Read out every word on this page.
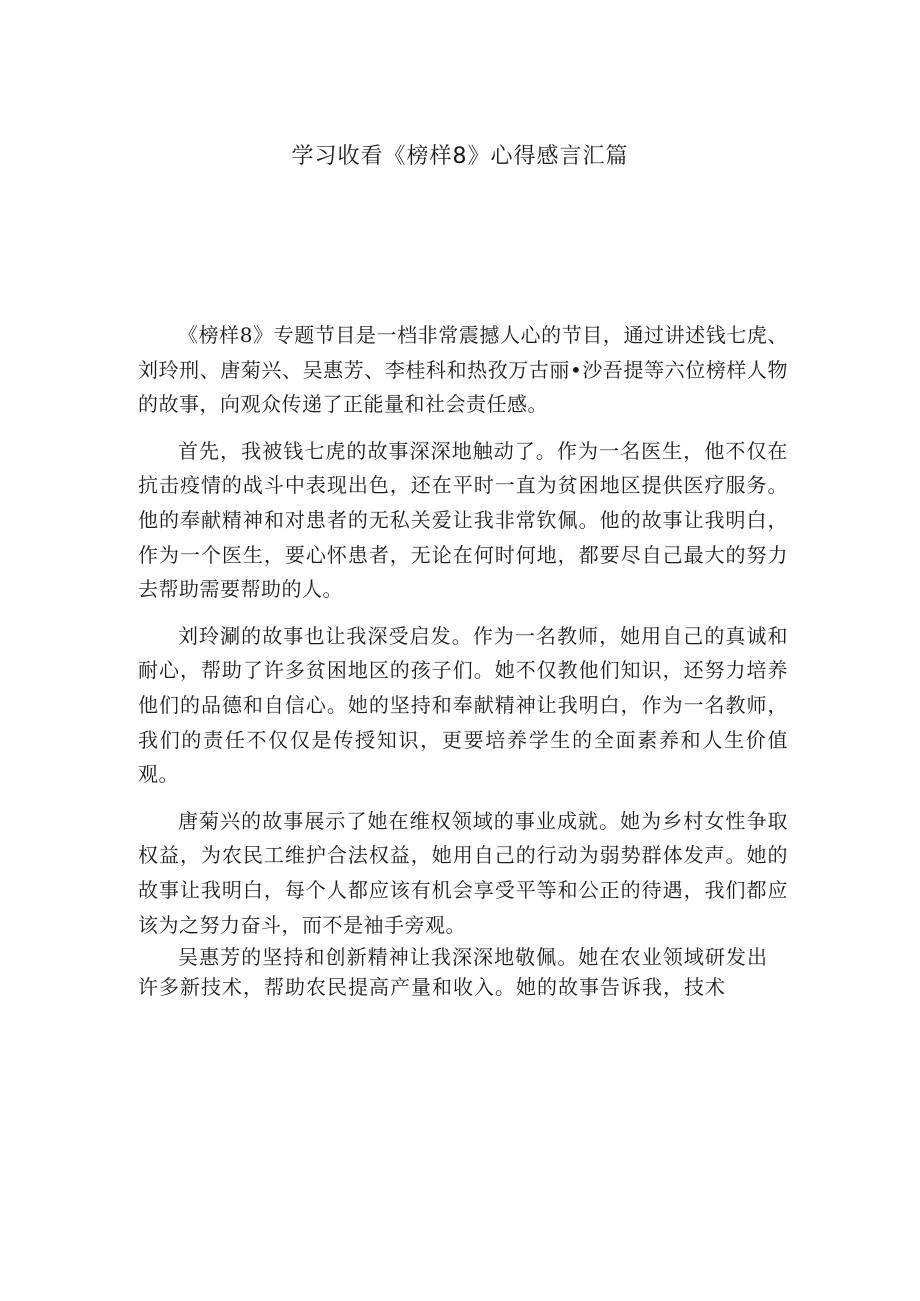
学习收看《榜样8》心得感言汇篇

《榜样8》专题节目是一档非常震撼人心的节目，通过讲述钱七虎、刘玲刑、唐菊兴、吴惠芳、李桂科和热孜万古丽•沙吾提等六位榜样人物的故事，向观众传递了正能量和社会责任感。

首先，我被钱七虎的故事深深地触动了。作为一名医生，他不仅在抗击疫情的战斗中表现出色，还在平时一直为贫困地区提供医疗服务。他的奉献精神和对患者的无私关爱让我非常钦佩。他的故事让我明白，作为一个医生，要心怀患者，无论在何时何地，都要尽自己最大的努力去帮助需要帮助的人。

刘玲涮的故事也让我深受启发。作为一名教师，她用自己的真诚和耐心，帮助了许多贫困地区的孩子们。她不仅教他们知识，还努力培养他们的品德和自信心。她的坚持和奉献精神让我明白，作为一名教师，我们的责任不仅仅是传授知识，更要培养学生的全面素养和人生价值观。

唐菊兴的故事展示了她在维权领域的事业成就。她为乡村女性争取权益，为农民工维护合法权益，她用自己的行动为弱势群体发声。她的故事让我明白，每个人都应该有机会享受平等和公正的待遇，我们都应该为之努力奋斗，而不是袖手旁观。

吴惠芳的坚持和创新精神让我深深地敬佩。她在农业领域研发出许多新技术，帮助农民提高产量和收入。她的故事告诉我，技术
